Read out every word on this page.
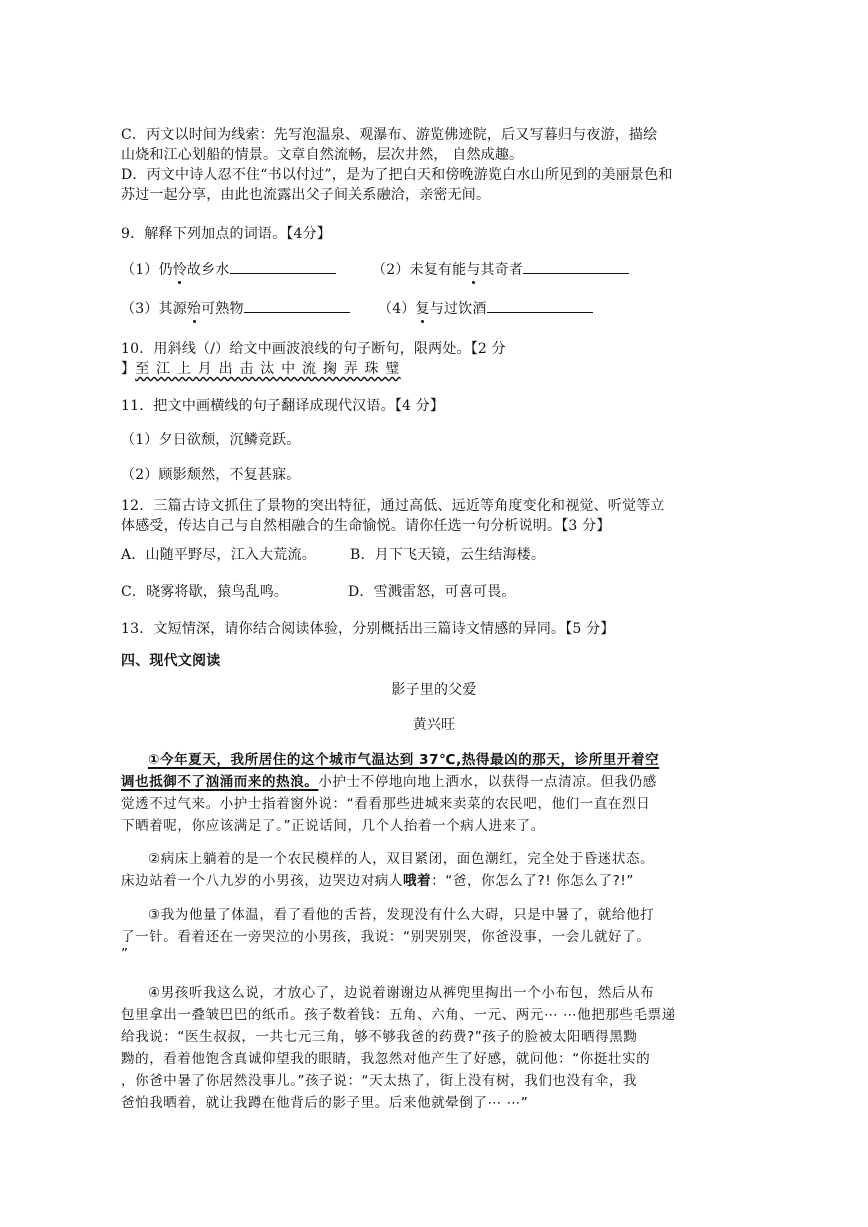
C．丙文以时间为线索：先写泡温泉、观瀑布、游览佛迹院，后又写暮归与夜游，描绘
山烧和江心划船的情景。文章自然流畅，层次井然， 自然成趣。
D．丙文中诗人忍不住“书以付过”，是为了把白天和傍晚游览白水山所见到的美丽景色和
苏过一起分享，由此也流露出父子间关系融洽，亲密无间。
9．解释下列加点的词语。【4分】
（1）仍怜故乡水	（2）未复有能与其奇者
（3）其源殆可熟物	（4）复与过饮酒
10．用斜线（/）给文中画波浪线的句子断句，限两处。【2 分
】至 江 上 月 出 击 汰 中 流 掬 弄 珠 璧
11．把文中画横线的句子翻译成现代汉语。【4 分】
（1）夕日欲颓，沉鳞竞跃。
（2）顾影颓然，不复甚寐。
12．三篇古诗文抓住了景物的突出特征，通过高低、远近等角度变化和视觉、听觉等立
体感受，传达自己与自然相融合的生命愉悦。请你任选一句分析说明。【3 分】
A．山随平野尽，江入大荒流。 B．月下飞天镜，云生结海楼。
C．晓雾将歇，猿鸟乱鸣。	D．雪溅雷怒，可喜可畏。
13．文短情深，请你结合阅读体验，分别概括出三篇诗文情感的异同。【5 分】
四、现代文阅读
影子里的父爱
黄兴旺
①今年夏天，我所居住的这个城市气温达到 37℃,热得最凶的那天，诊所里开着空
调也抵御不了汹涌而来的热浪。小护士不停地向地上洒水，以获得一点清凉。但我仍感
觉透不过气来。小护士指着窗外说：“看看那些进城来卖菜的农民吧，他们一直在烈日
下晒着呢，你应该满足了。”正说话间，几个人抬着一个病人进来了。
②病床上躺着的是一个农民模样的人，双目紧闭，面色潮红，完全处于昏迷状态。
床边站着一个八九岁的小男孩，边哭边对病人哦着：“爸，你怎么了?! 你怎么了?!”
③我为他量了体温，看了看他的舌苔，发现没有什么大碍，只是中暑了，就给他打
了一针。看着还在一旁哭泣的小男孩，我说：“别哭别哭，你爸没事，一会儿就好了。
”
④男孩听我这么说，才放心了，边说着谢谢边从裤兜里掏出一个小布包，然后从布
包里拿出一叠皱巴巴的纸币。孩子数着钱：五角、六角、一元、两元⋯ ⋯他把那些毛票递
给我说：“医生叔叔，一共七元三角，够不够我爸的药费?”孩子的脸被太阳晒得黑黝
黝的，看着他饱含真诚仰望我的眼睛，我忽然对他产生了好感，就问他：“你挺壮实的
，你爸中暑了你居然没事儿。”孩子说：“天太热了，街上没有树，我们也没有伞，我
爸怕我晒着，就让我蹲在他背后的影子里。后来他就晕倒了⋯ ⋯”
